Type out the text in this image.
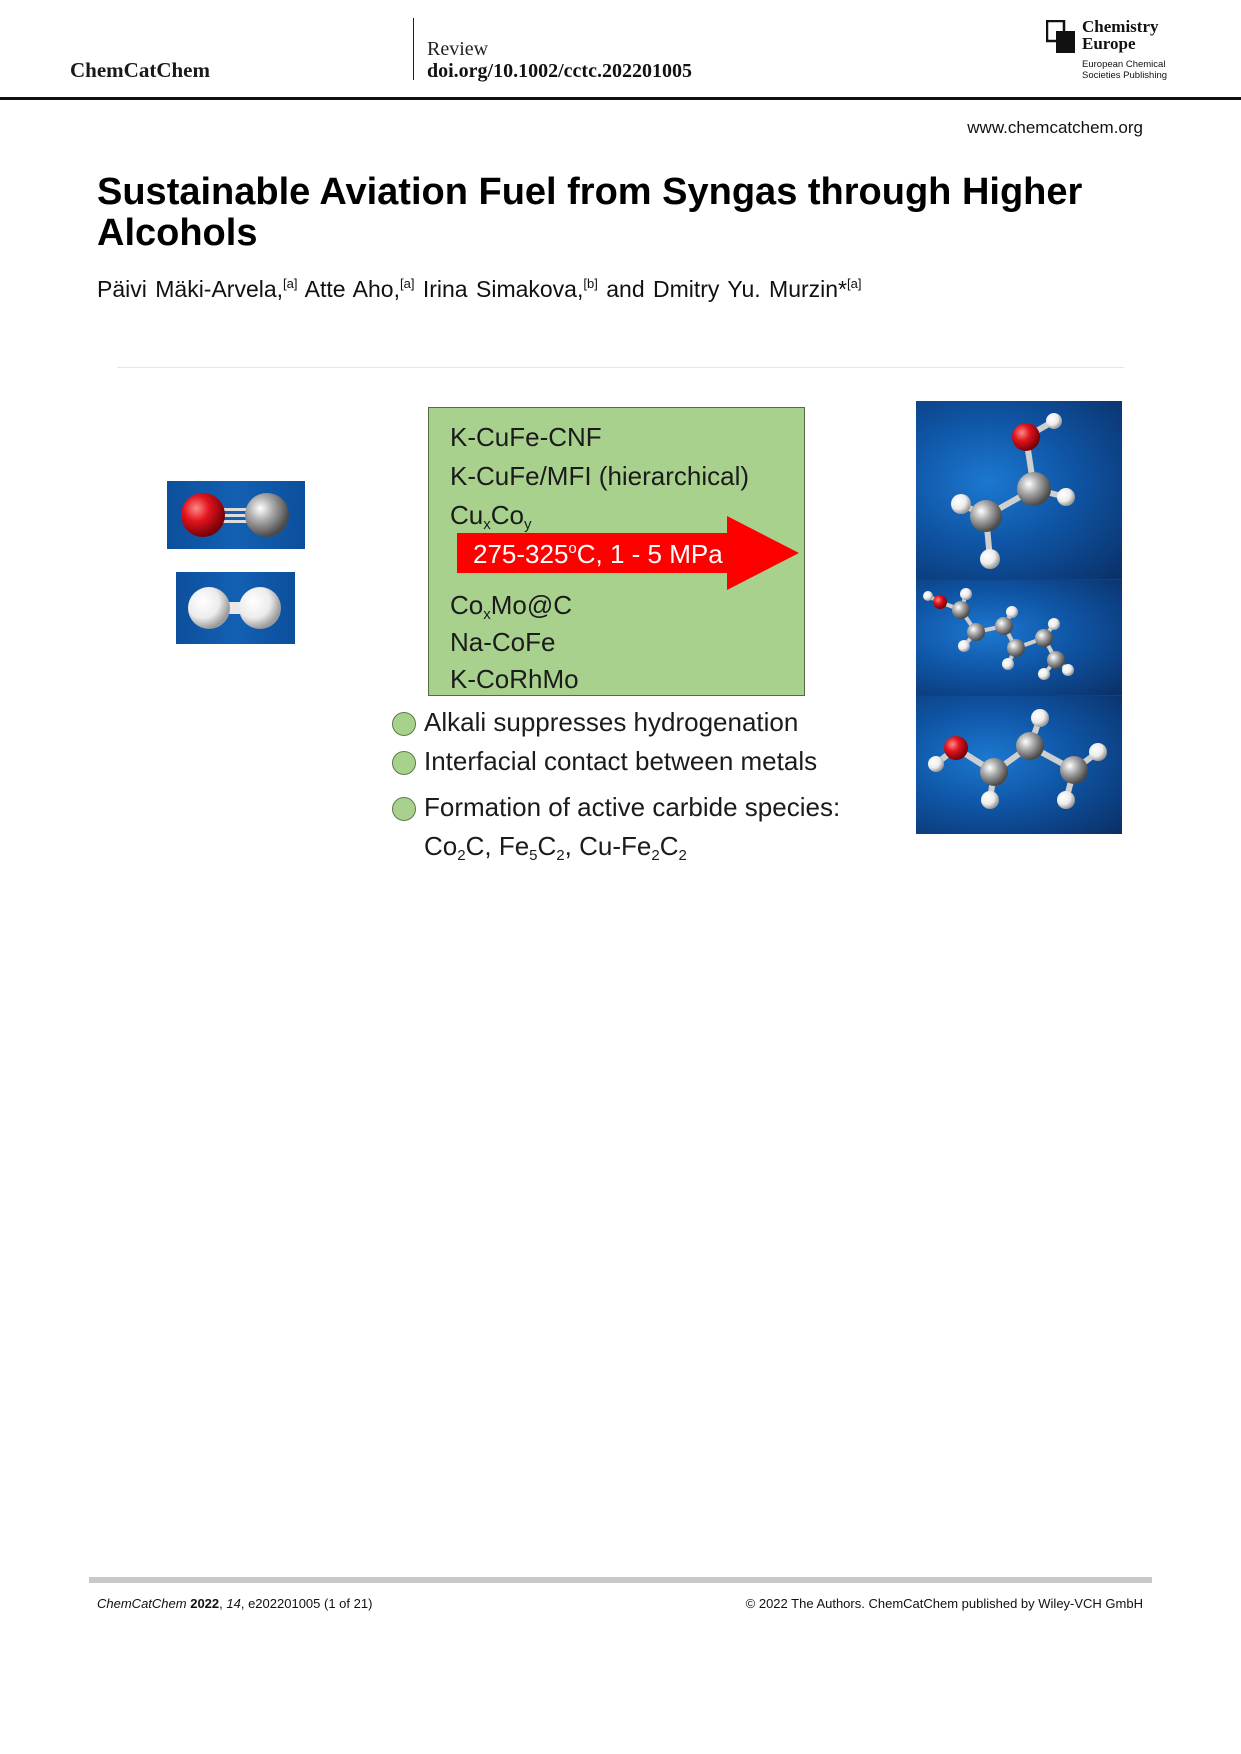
ChemCatChem
Review
doi.org/10.1002/cctc.202201005
Chemistry
Europe
European Chemical
Societies Publishing
www.chemcatchem.org
Sustainable Aviation Fuel from Syngas through Higher Alcohols
Päivi Mäki-Arvela,[a] Atte Aho,[a] Irina Simakova,[b] and Dmitry Yu. Murzin*[a]
K-CuFe-CNF
K-CuFe/MFI (hierarchical)
$Cu_xCo_y$
275-325$^o$C, 1 - 5 MPa
$Co_xMo@C$
Na-CoFe
K-CoRhMo
Alkali suppresses hydrogenation
Interfacial contact between metals
Formation of active carbide species:
$Co_2C$, $Fe_5C_2$, $Cu-Fe_2C_2$
ChemCatChem 2022, 14, e202201005 (1 of 21)	© 2022 The Authors. ChemCatChem published by Wiley-VCH GmbH
